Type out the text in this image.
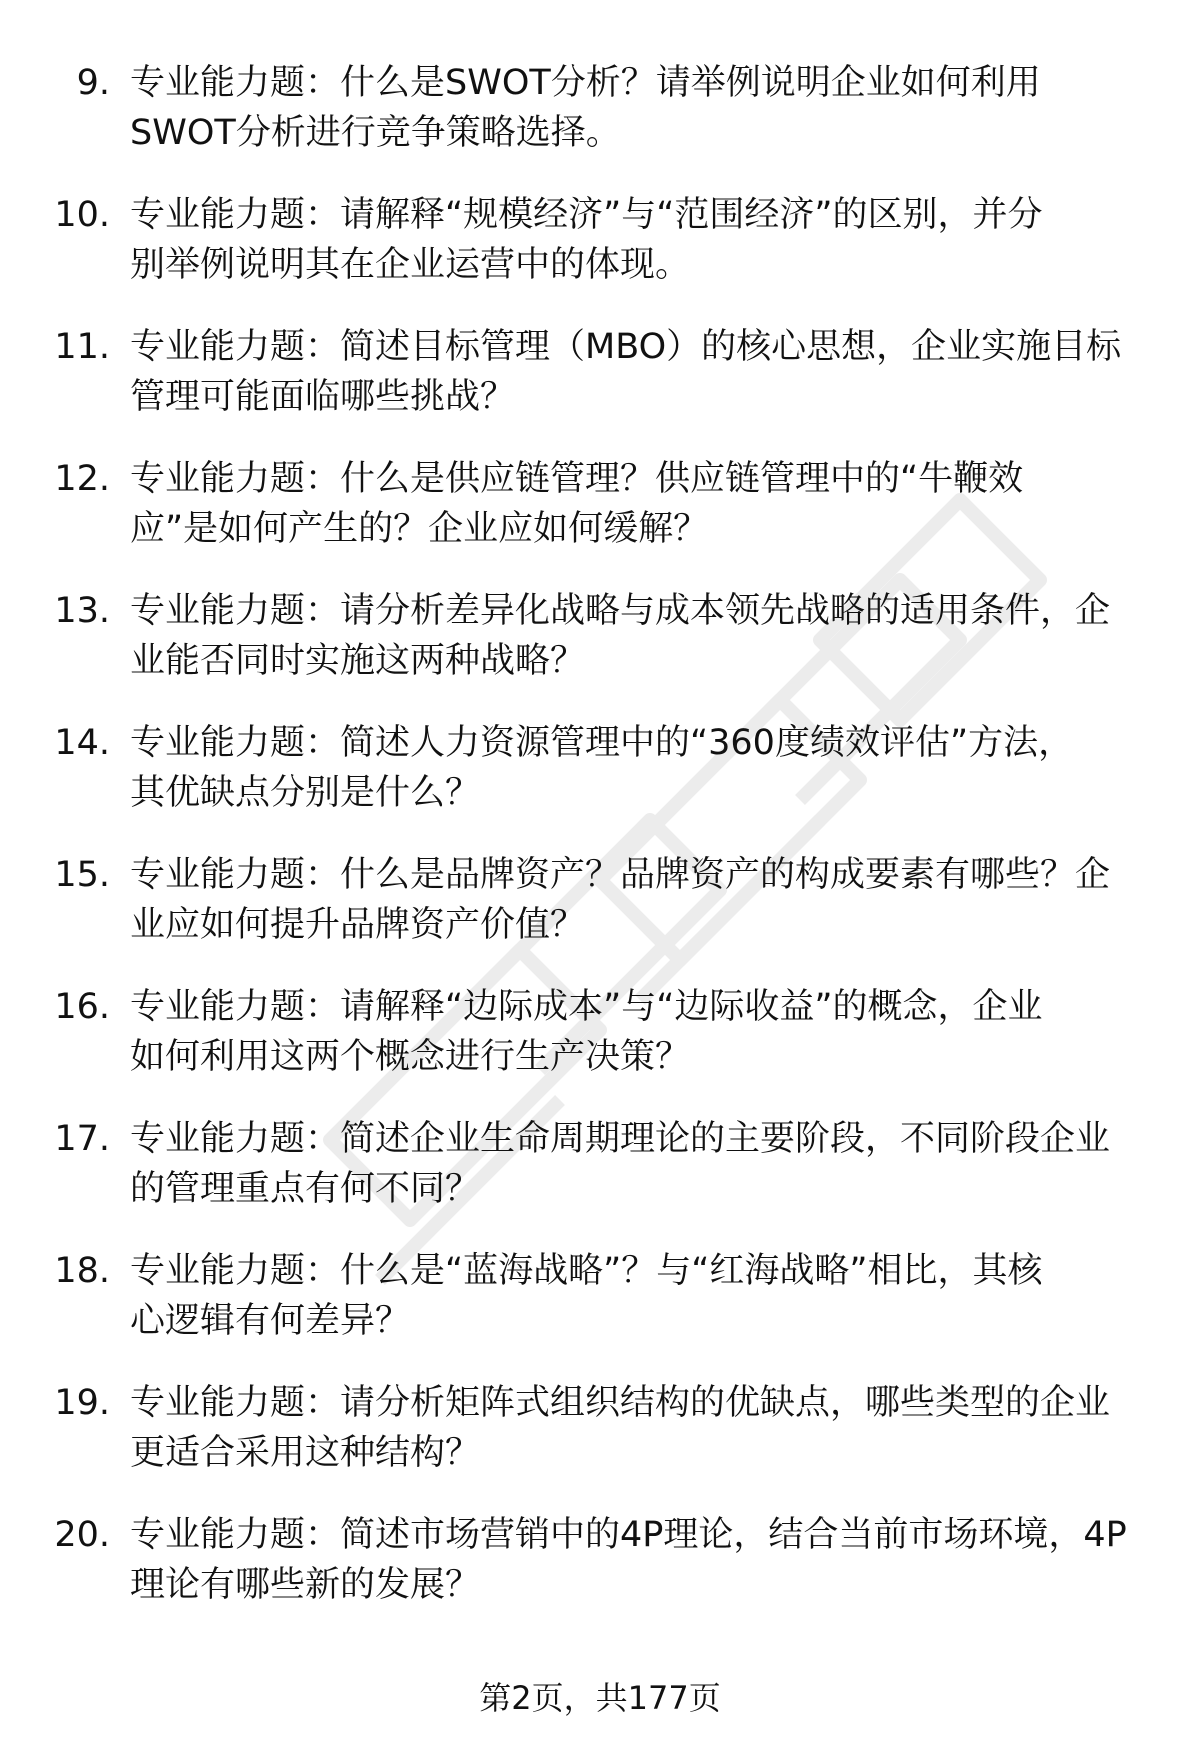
9. 专业能力题：什么是SWOT分析？请举例说明企业如何利用
SWOT分析进行竞争策略选择。
10. 专业能力题：请解释“规模经济”与“范围经济”的区别，并分
别举例说明其在企业运营中的体现。
11. 专业能力题：简述目标管理（MBO）的核心思想，企业实施目标
管理可能面临哪些挑战？
12. 专业能力题：什么是供应链管理？供应链管理中的“牛鞭效
应”是如何产生的？企业应如何缓解？
13. 专业能力题：请分析差异化战略与成本领先战略的适用条件，企
业能否同时实施这两种战略？
14. 专业能力题：简述人力资源管理中的“360度绩效评估”方法，
其优缺点分别是什么？
15. 专业能力题：什么是品牌资产？品牌资产的构成要素有哪些？企
业应如何提升品牌资产价值？
16. 专业能力题：请解释“边际成本”与“边际收益”的概念，企业
如何利用这两个概念进行生产决策？
17. 专业能力题：简述企业生命周期理论的主要阶段，不同阶段企业
的管理重点有何不同？
18. 专业能力题：什么是“蓝海战略”？与“红海战略”相比，其核
心逻辑有何差异？
19. 专业能力题：请分析矩阵式组织结构的优缺点，哪些类型的企业
更适合采用这种结构？
20. 专业能力题：简述市场营销中的4P理论，结合当前市场环境，4P
理论有哪些新的发展？
第2页，共177页
